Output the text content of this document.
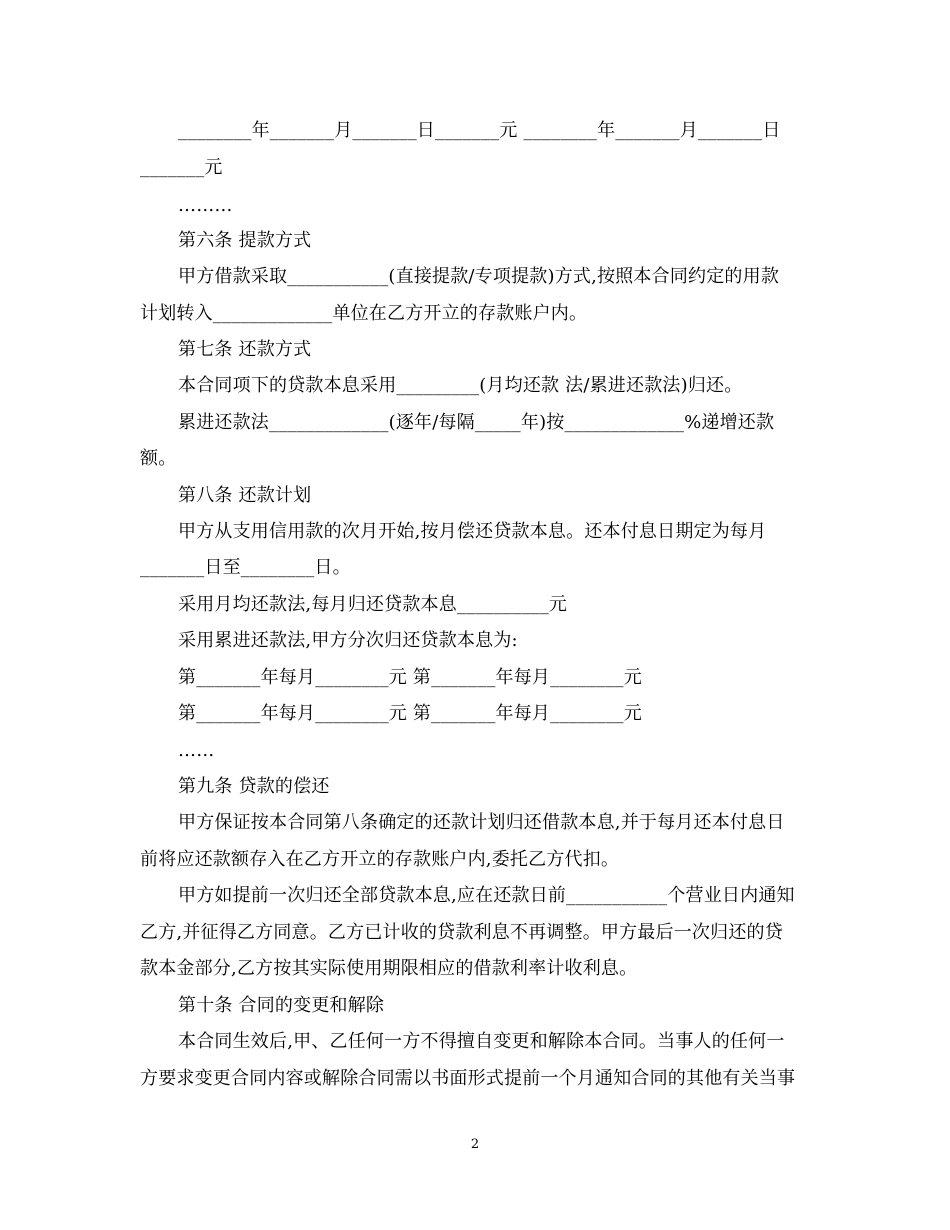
________年_______月_______日_______元 ________年_______月_______日
_______元
………
第六条 提款方式
甲方借款采取___________(直接提款/专项提款)方式,按照本合同约定的用款
计划转入_____________单位在乙方开立的存款账户内。
第七条 还款方式
本合同项下的贷款本息采用_________(月均还款 法/累进还款法)归还。
累进还款法_____________(逐年/每隔_____年)按_____________%递增还款
额。
第八条 还款计划
甲方从支用信用款的次月开始,按月偿还贷款本息。还本付息日期定为每月
_______日至________日。
采用月均还款法,每月归还贷款本息__________元
采用累进还款法,甲方分次归还贷款本息为:
第_______年每月________元 第_______年每月________元
第_______年每月________元 第_______年每月________元
……
第九条 贷款的偿还
甲方保证按本合同第八条确定的还款计划归还借款本息,并于每月还本付息日
前将应还款额存入在乙方开立的存款账户内,委托乙方代扣。
甲方如提前一次归还全部贷款本息,应在还款日前___________个营业日内通知
乙方,并征得乙方同意。乙方已计收的贷款利息不再调整。甲方最后一次归还的贷
款本金部分,乙方按其实际使用期限相应的借款利率计收利息。
第十条 合同的变更和解除
本合同生效后,甲、乙任何一方不得擅自变更和解除本合同。当事人的任何一
方要求变更合同内容或解除合同需以书面形式提前一个月通知合同的其他有关当事
2
